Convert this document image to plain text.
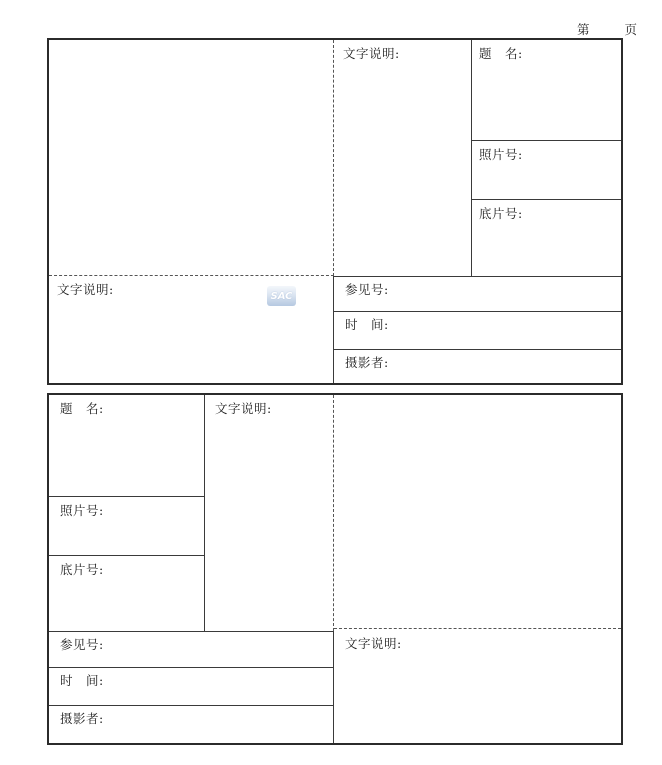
第	页
文字说明:	题　名:
照片号:
底片号:
文字说明:	参见号:
时　间:
摄影者:
SAC
题　名:
照片号:
底片号:
文字说明:
参见号:
时　间:
摄影者:
文字说明:
